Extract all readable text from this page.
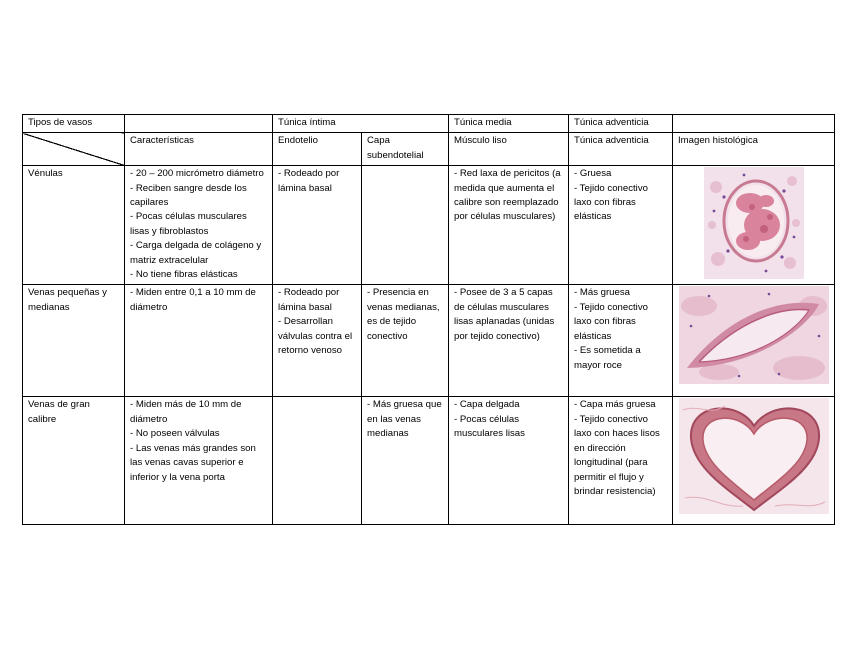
Tipos de vasos		Túnica íntima		Túnica media	Túnica adventicia	
	Características	Endotelio	Capa subendotelial	Músculo liso	Túnica adventicia	Imagen histológica
Vénulas	- 20 – 200 micrómetro diámetro
- Reciben sangre desde los capilares
- Pocas células musculares lisas y fibroblastos
- Carga delgada de colágeno y matriz extracelular
- No tiene fibras elásticas	- Rodeado por lámina basal		- Red laxa de pericitos (a medida que aumenta el calibre son reemplazado por células musculares)	- Gruesa
- Tejido conectivo laxo con fibras elásticas

Venas pequeñas y medianas	- Miden entre 0,1 a 10 mm de diámetro	- Rodeado por lámina basal
- Desarrollan válvulas contra el retorno venoso	- Presencia en venas medianas, es de tejido conectivo	- Posee de 3 a 5 capas de células musculares lisas aplanadas (unidas por tejido conectivo)	- Más gruesa
- Tejido conectivo laxo con fibras elásticas
- Es sometida a mayor roce

Venas de gran calibre	- Miden más de 10 mm de diámetro
- No poseen válvulas
- Las venas más grandes son las venas cavas superior e inferior y la vena porta		- Más gruesa que en las venas medianas	- Capa delgada
- Pocas células musculares lisas	- Capa más gruesa
- Tejido conectivo laxo con haces lisos en dirección longitudinal (para permitir el flujo y brindar resistencia)
